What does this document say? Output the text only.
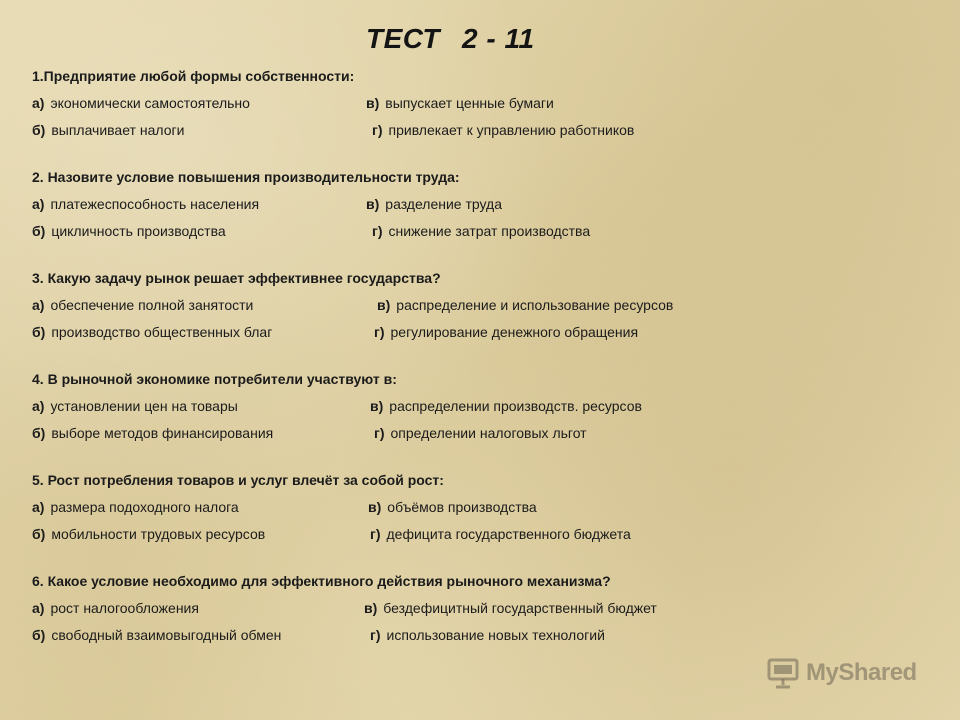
ТЕСТ 2 - 11
1.Предприятие любой формы собственности:
а) экономически самостоятельно	в) выпускает ценные бумаги
б) выплачивает налоги	г) привлекает к управлению работников
2. Назовите условие повышения производительности труда:
а) платежеспособность населения	в) разделение труда
б) цикличность производства	г) снижение затрат производства
3. Какую задачу рынок решает эффективнее государства?
а) обеспечение полной занятости	в) распределение и использование ресурсов
б) производство общественных благ	г) регулирование денежного обращения
4. В рыночной экономике потребители участвуют в:
а) установлении цен на товары	в) распределении производств. ресурсов
б) выборе методов финансирования	г) определении налоговых льгот
5. Рост потребления товаров и услуг влечёт за собой рост:
а) размера подоходного налога	в) объёмов производства
б) мобильности трудовых ресурсов	г) дефицита государственного бюджета
6. Какое условие необходимо для эффективного действия рыночного механизма?
а) рост налогообложения	в) бездефицитный государственный бюджет
б) свободный взаимовыгодный обмен	г) использование новых технологий
MyShared
